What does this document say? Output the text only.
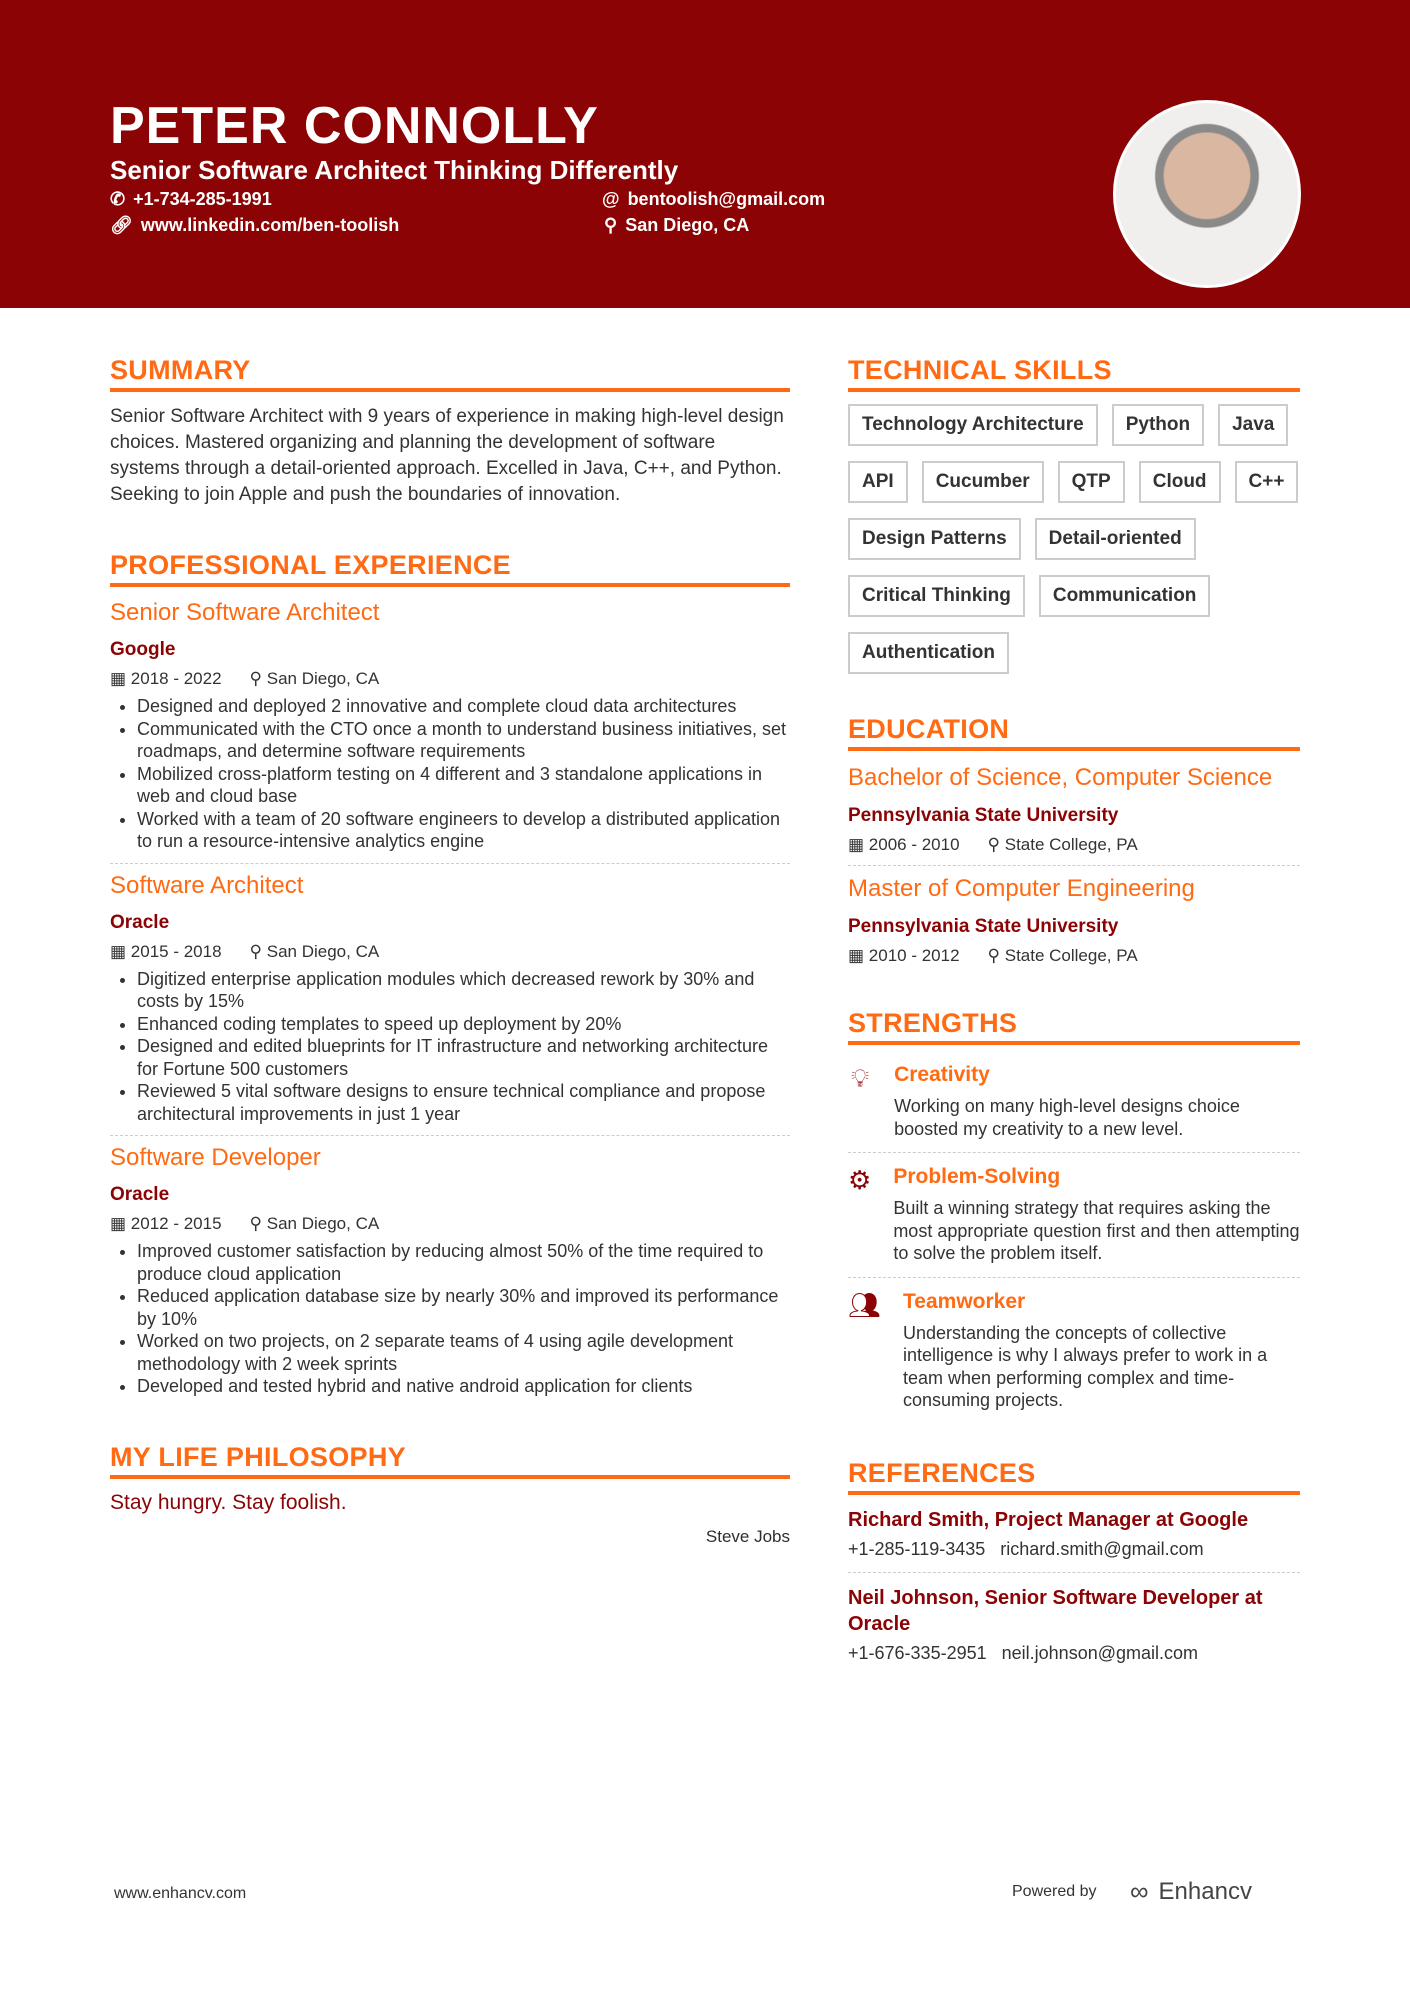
PETER CONNOLLY
Senior Software Architect Thinking Differently
✆ +1-734-285-1991
🔗︎ www.linkedin.com/ben-toolish
@ bentoolish@gmail.com
⚲ San Diego, CA
SUMMARY

Senior Software Architect with 9 years of experience in making high-level design choices. Mastered organizing and planning the development of software systems through a detail-oriented approach. Excelled in Java, C++, and Python. Seeking to join Apple and push the boundaries of innovation.

PROFESSIONAL EXPERIENCE
Senior Software Architect
Google
▦ 2018 - 2022 ⚲ San Diego, CA
• Designed and deployed 2 innovative and complete cloud data architectures
• Communicated with the CTO once a month to understand business initiatives, set roadmaps, and determine software requirements
• Mobilized cross-platform testing on 4 different and 3 standalone applications in web and cloud base
• Worked with a team of 20 software engineers to develop a distributed application to run a resource-intensive analytics engine
Software Architect
Oracle
▦ 2015 - 2018 ⚲ San Diego, CA
• Digitized enterprise application modules which decreased rework by 30% and costs by 15%
• Enhanced coding templates to speed up deployment by 20%
• Designed and edited blueprints for IT infrastructure and networking architecture for Fortune 500 customers
• Reviewed 5 vital software designs to ensure technical compliance and propose architectural improvements in just 1 year
Software Developer
Oracle
▦ 2012 - 2015 ⚲ San Diego, CA
• Improved customer satisfaction by reducing almost 50% of the time required to produce cloud application
• Reduced application database size by nearly 30% and improved its performance by 10%
• Worked on two projects, on 2 separate teams of 4 using agile development methodology with 2 week sprints
• Developed and tested hybrid and native android application for clients
MY LIFE PHILOSOPHY
Stay hungry. Stay foolish.
Steve Jobs
TECHNICAL SKILLS
Technology Architecture	Python	Java
API	Cucumber	QTP	Cloud	C++
Design Patterns	Detail-oriented
Critical Thinking	Communication
Authentication
EDUCATION
Bachelor of Science, Computer Science
Pennsylvania State University
▦ 2006 - 2010 ⚲ State College, PA
Master of Computer Engineering
Pennsylvania State University
▦ 2010 - 2012 ⚲ State College, PA
STRENGTHS
💡︎ Creativity

Working on many high-level designs choice boosted my creativity to a new level.

⚙ Problem-Solving

Built a winning strategy that requires asking the most appropriate question first and then attempting to solve the problem itself.

👥︎ Teamworker

Understanding the concepts of collective intelligence is why I always prefer to work in a team when performing complex and time-consuming projects.

REFERENCES
Richard Smith, Project Manager at Google
+1-285-119-3435 richard.smith@gmail.com
Neil Johnson, Senior Software Developer at Oracle
+1-676-335-2951 neil.johnson@gmail.com
www.enhancv.com	Powered by ∞ Enhancv
